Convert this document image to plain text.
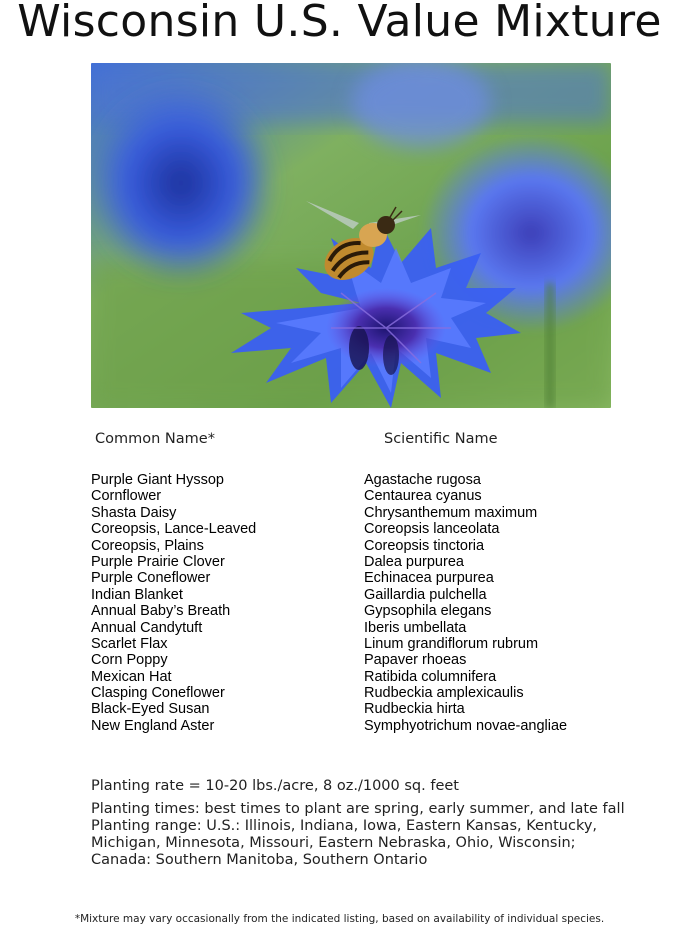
Wisconsin U.S. Value Mixture
Common Name*	Scientific Name
Purple Giant Hyssop
Cornflower
Shasta Daisy
Coreopsis, Lance-Leaved
Coreopsis, Plains
Purple Prairie Clover
Purple Coneflower
Indian Blanket
Annual Baby’s Breath
Annual Candytuft
Scarlet Flax
Corn Poppy
Mexican Hat
Clasping Coneflower
Black-Eyed Susan
New England Aster
Agastache rugosa
Centaurea cyanus
Chrysanthemum maximum
Coreopsis lanceolata
Coreopsis tinctoria
Dalea purpurea
Echinacea purpurea
Gaillardia pulchella
Gypsophila elegans
Iberis umbellata
Linum grandiflorum rubrum
Papaver rhoeas
Ratibida columnifera
Rudbeckia amplexicaulis
Rudbeckia hirta
Symphyotrichum novae-angliae
Planting rate = 10-20 lbs./acre, 8 oz./1000 sq. feet

Planting times: best times to plant are spring, early summer, and late fall

Planting range: U.S.: Illinois, Indiana, Iowa, Eastern Kansas, Kentucky,

Michigan, Minnesota, Missouri, Eastern Nebraska, Ohio, Wisconsin;

Canada: Southern Manitoba, Southern Ontario

*Mixture may vary occasionally from the indicated listing, based on availability of individual species.
